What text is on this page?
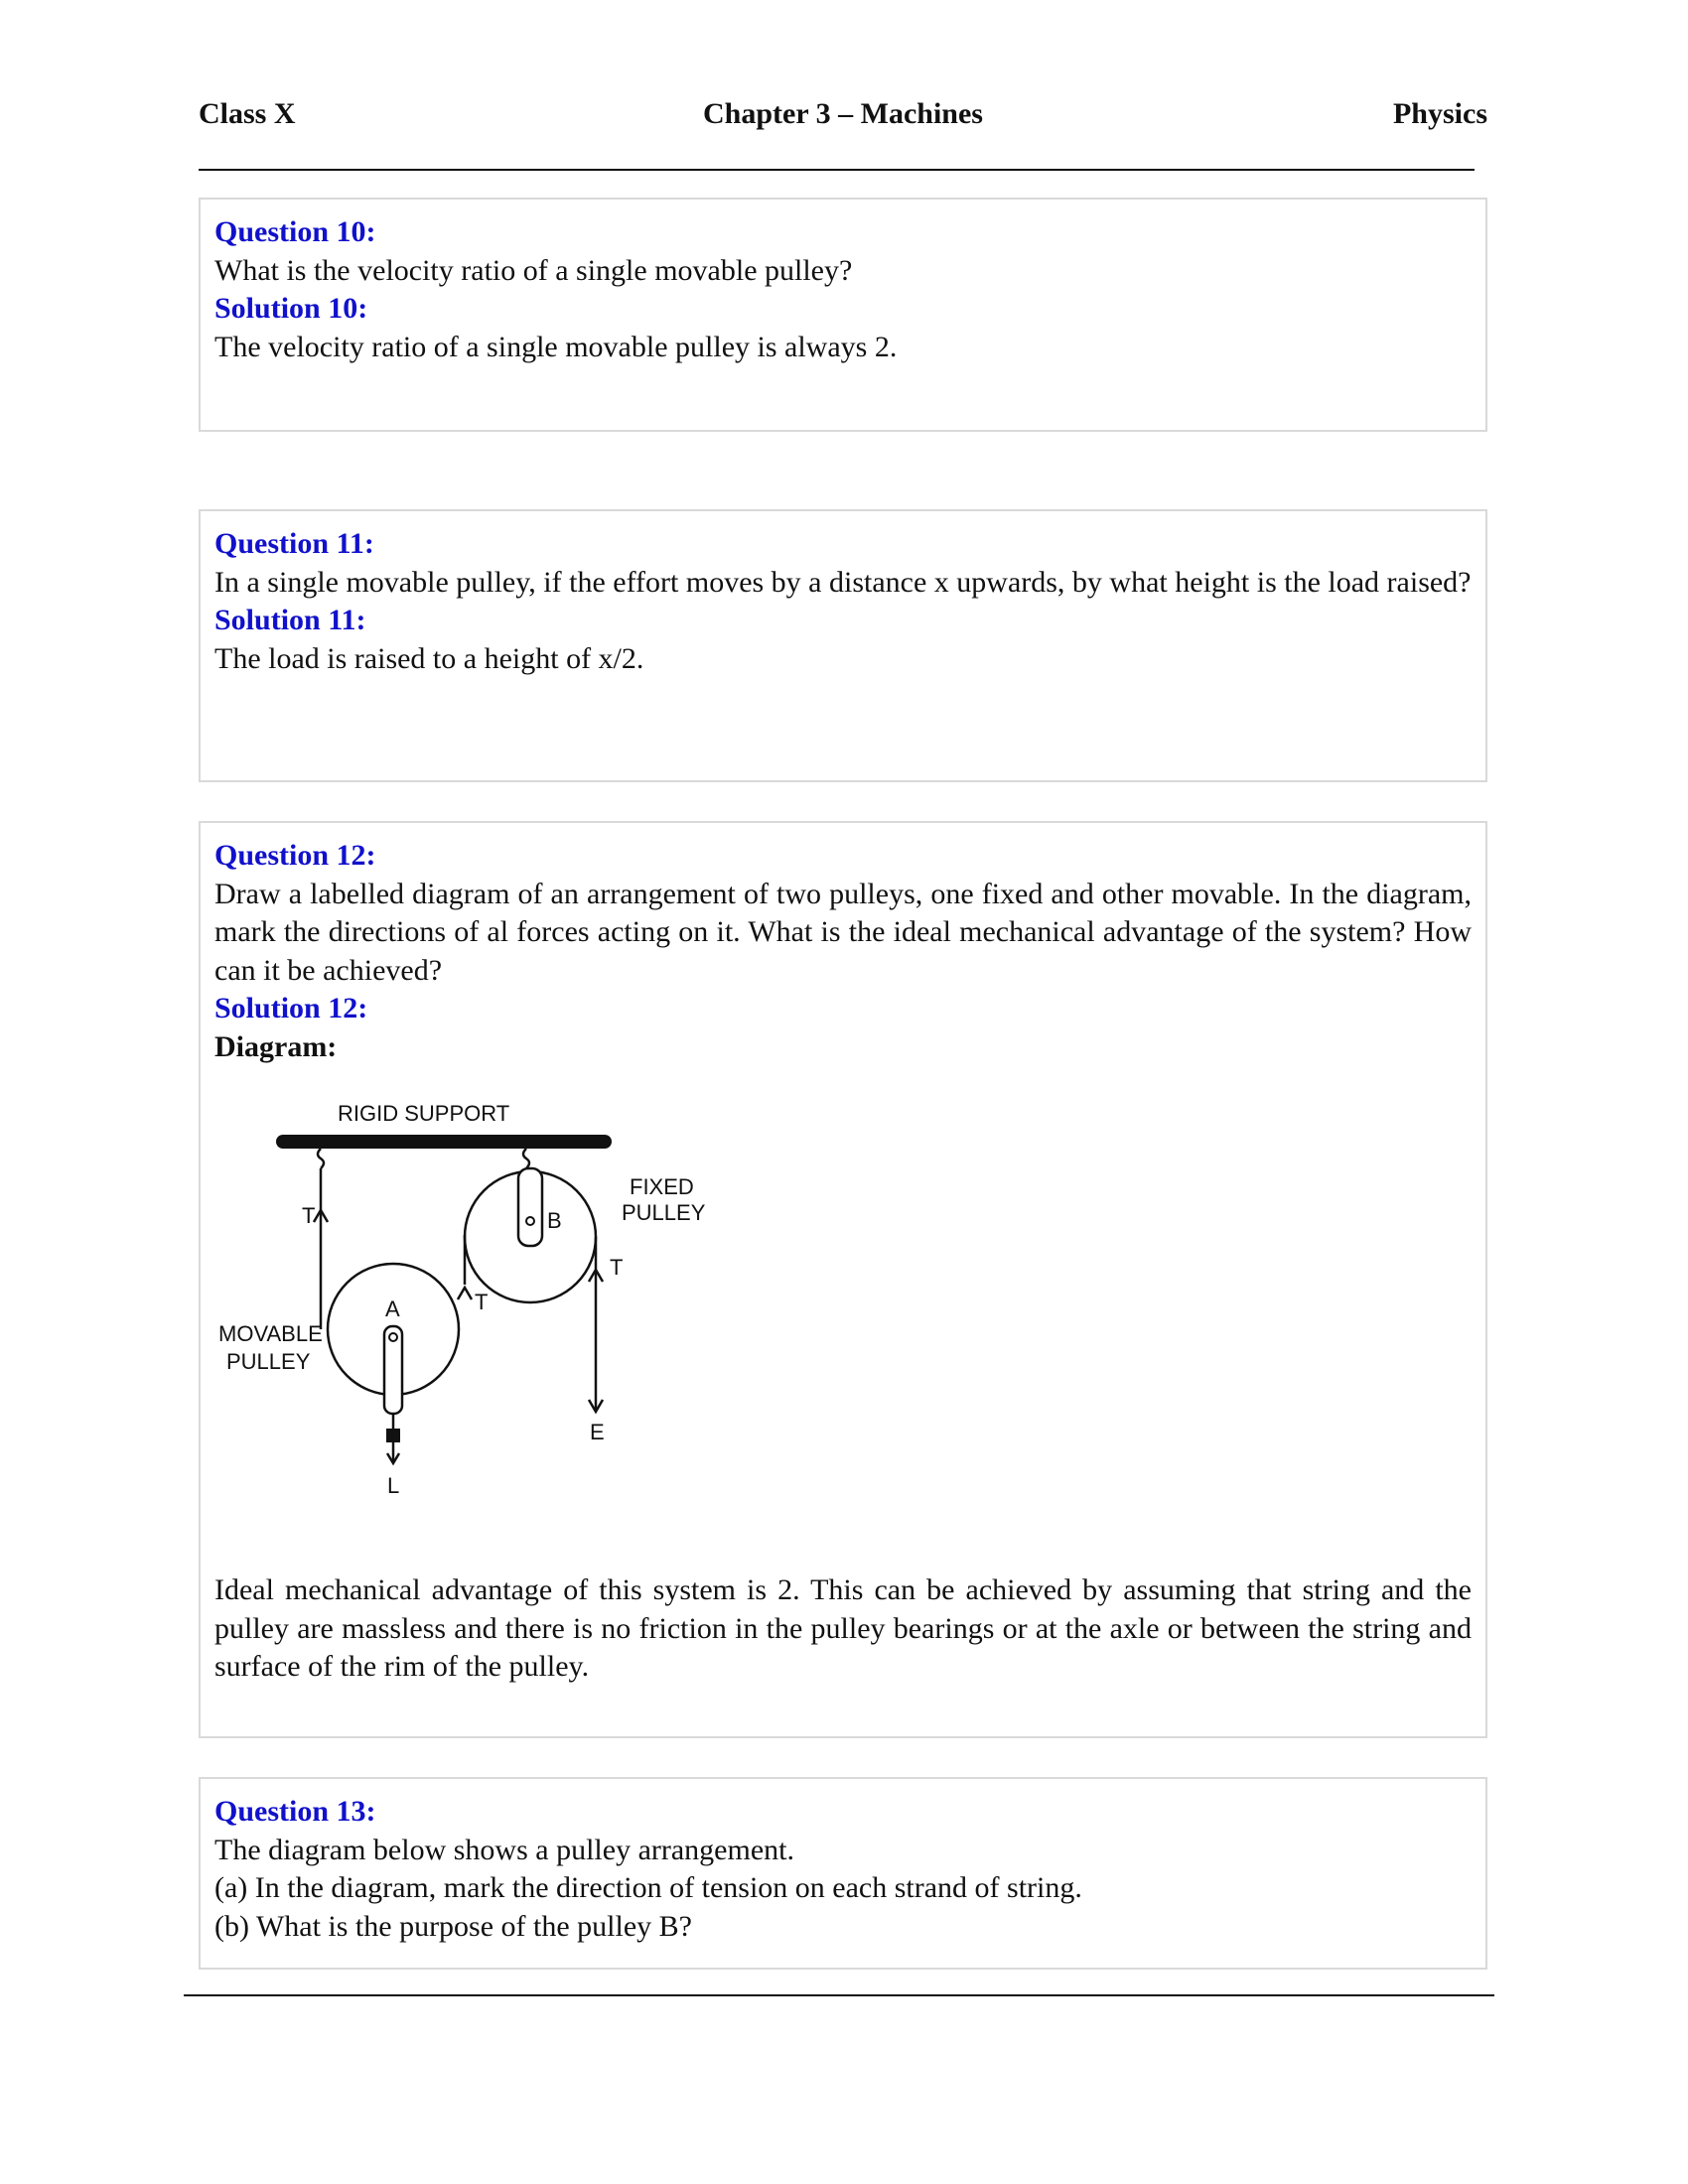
Chapter 3 – Machines
Class X	Physics
Question 10:
What is the velocity ratio of a single movable pulley?
Solution 10:
The velocity ratio of a single movable pulley is always 2.
Question 11:
In a single movable pulley, if the effort moves by a distance x upwards, by what height is the load raised?
Solution 11:
The load is raised to a height of x/2.
Question 12:
Draw a labelled diagram of an arrangement of two pulleys, one fixed and other movable. In the diagram, mark the directions of al forces acting on it. What is the ideal mechanical advantage of the system? How can it be achieved?
Solution 12:
Diagram:
RIGID SUPPORT
T	B
FIXED
PULLEY
T
T
E
A
L
MOVABLE
PULLEY
Ideal mechanical advantage of this system is 2. This can be achieved by assuming that string and the pulley are massless and there is no friction in the pulley bearings or at the axle or between the string and surface of the rim of the pulley.
Question 13:
The diagram below shows a pulley arrangement.
(a) In the diagram, mark the direction of tension on each strand of string.
(b) What is the purpose of the pulley B?
